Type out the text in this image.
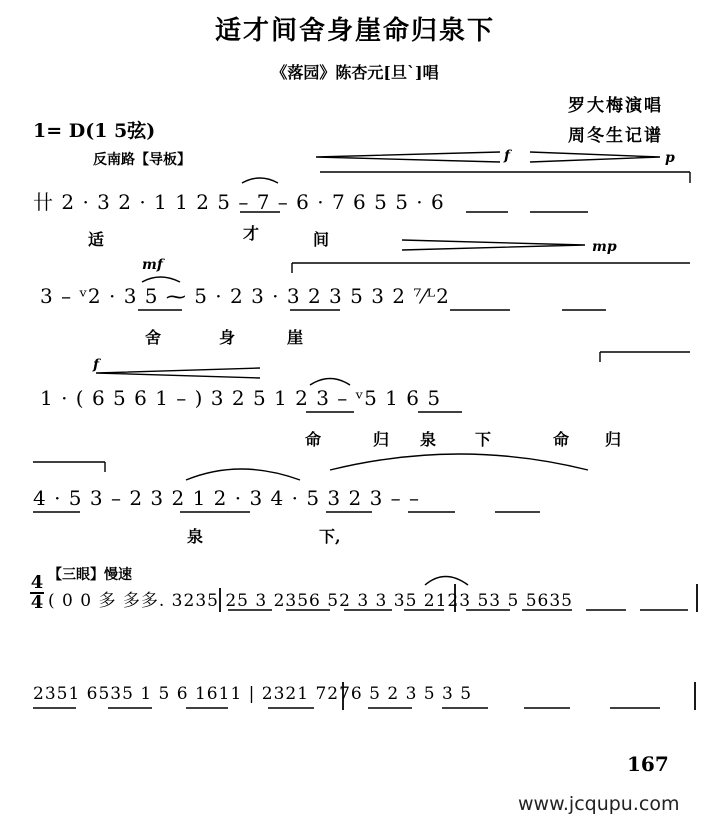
适才间舍身崖命归泉下
《落园》陈杏元[旦`]唱
罗大梅演唱
周冬生记谱
1= D(1 5弦)
反南路【导板】	f	p
卄 2 · 3 2 · 1 1 2 5 – 7 – 6 · 7 6 5 5 · 6
适	才	间	mp
mf
3 – ᵛ2 · 3 5 ⁓ 5 · 2 3 · 3 2 3 5 3 2 ⁷⁄ᴸ2
舍	身	崖
f
1 · ( 6 5 6 1 – ) 3 2 5 1 2 3 – ᵛ5 1 6 5
命	归 泉 下	命 归
4 · 5 3 – 2 3 2 1 2 · 3 4 · 5 3 2 3 – –
泉	下,
【三眼】慢速
4
4 ( 0 0 多 多多. 3235 25 3 2356 52 3 3 35 2123 53 5 5635
2351 6535 1 5 6 1611 | 2321 7276 5 2 3 5 3 5
167
www.jcqupu.com
